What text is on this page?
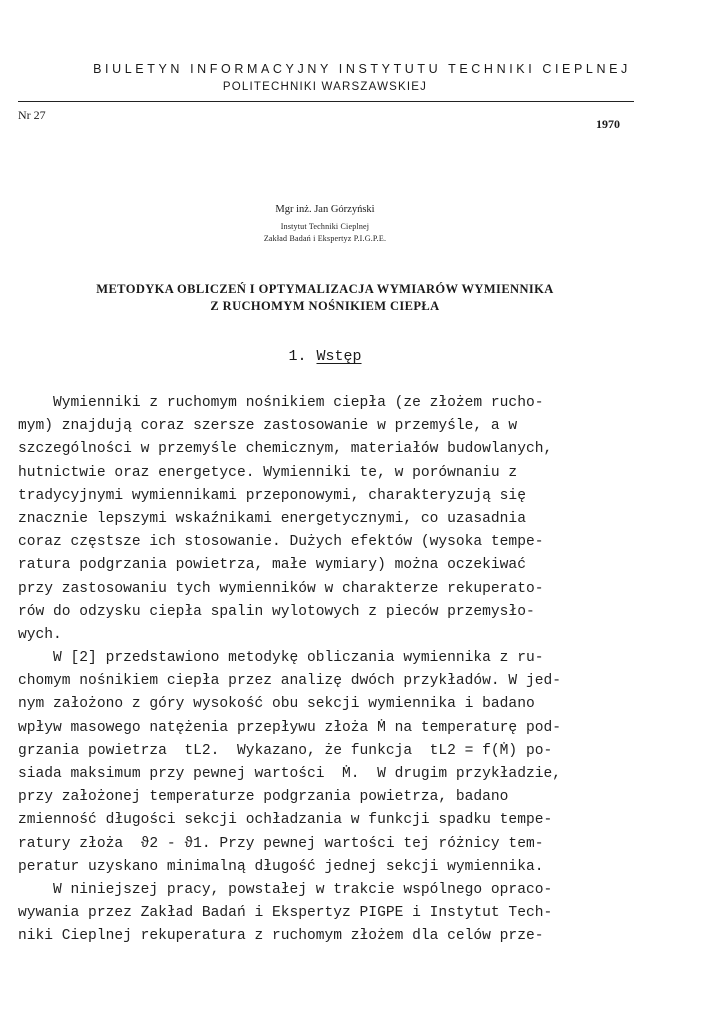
BIULETYN INFORMACYJNY INSTYTUTU TECHNIKI CIEPLNEJ
POLITECHNIKI WARSZAWSKIEJ
Nr 27
1970
Mgr inż. Jan Górzyński
Instytut Techniki Cieplnej
Zakład Badań i Ekspertyz P.I.G.P.E.
METODYKA OBLICZEŃ I OPTYMALIZACJA WYMIARÓW WYMIENNIKA
Z RUCHOMYM NOŚNIKIEM CIEPŁA
1. Wstęp
Wymienniki z ruchomym nośnikiem ciepła (ze złożem rucho-
mym) znajdują coraz szersze zastosowanie w przemyśle, a w
szczególności w przemyśle chemicznym, materiałów budowlanych,
hutnictwie oraz energetyce. Wymienniki te, w porównaniu z
tradycyjnymi wymiennikami przeponowymi, charakteryzują się
znacznie lepszymi wskaźnikami energetycznymi, co uzasadnia
coraz częstsze ich stosowanie. Dużych efektów (wysoka tempe-
ratura podgrzania powietrza, małe wymiary) można oczekiwać
przy zastosowaniu tych wymienników w charakterze rekuperato-
rów do odzysku ciepła spalin wylotowych z pieców przemysło-
wych.
W [2] przedstawiono metodykę obliczania wymiennika z ru-
chomym nośnikiem ciepła przez analizę dwóch przykładów. W jed-
nym założono z góry wysokość obu sekcji wymiennika i badano
wpływ masowego natężenia przepływu złoża Ṁ na temperaturę pod-
grzania powietrza  tL2.  Wykazano, że funkcja  tL2 = f(Ṁ) po-
siada maksimum przy pewnej wartości  Ṁ.  W drugim przykładzie,
przy założonej temperaturze podgrzania powietrza, badano
zmienność długości sekcji ochładzania w funkcji spadku tempe-
ratury złoża  ϑ2 - ϑ1. Przy pewnej wartości tej różnicy tem-
peratur uzyskano minimalną długość jednej sekcji wymiennika.
W niniejszej pracy, powstałej w trakcie wspólnego opraco-
wywania przez Zakład Badań i Ekspertyz PIGPE i Instytut Tech-
niki Cieplnej rekuperatura z ruchomym złożem dla celów prze-
